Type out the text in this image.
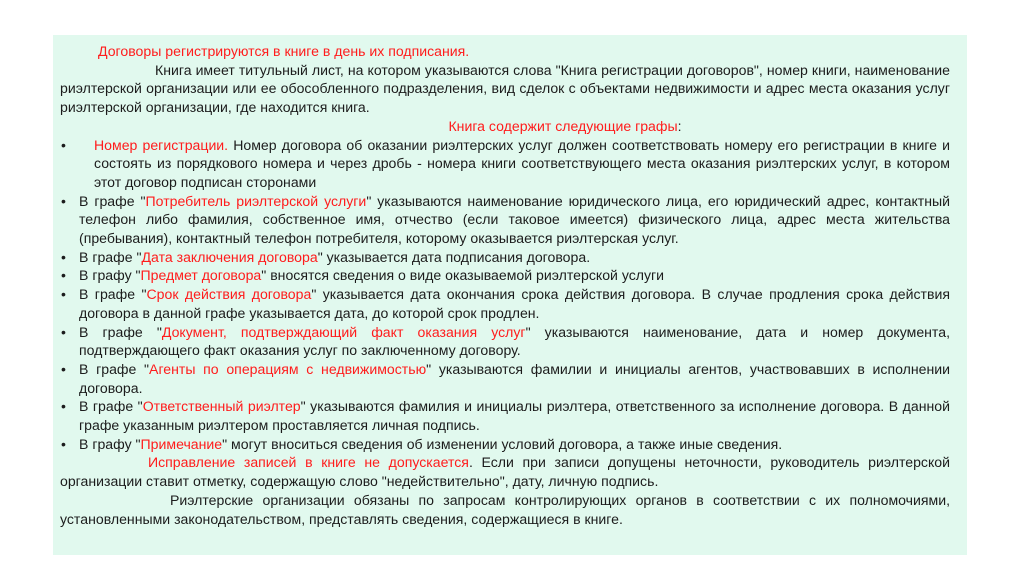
Договоры регистрируются в книге в день их подписания.

Книга имеет титульный лист, на котором указываются слова "Книга регистрации договоров", номер книги, наименование риэлтерской организации или ее обособленного подразделения, вид сделок с объектами недвижимости и адрес места оказания услуг риэлтерской организации, где находится книга.

Книга содержит следующие графы:

• Номер регистрации. Номер договора об оказании риэлтерских услуг должен соответствовать номеру его регистрации в книге и состоять из порядкового номера и через дробь - номера книги соответствующего места оказания риэлтерских услуг, в котором этот договор подписан сторонами
• В графе "Потребитель риэлтерской услуги" указываются наименование юридического лица, его юридический адрес, контактный телефон либо фамилия, собственное имя, отчество (если таковое имеется) физического лица, адрес места жительства (пребывания), контактный телефон потребителя, которому оказывается риэлтерская услуг.
• В графе "Дата заключения договора" указывается дата подписания договора.
• В графу "Предмет договора" вносятся сведения о виде оказываемой риэлтерской услуги
• В графе "Срок действия договора" указывается дата окончания срока действия договора. В случае продления срока действия договора в данной графе указывается дата, до которой срок продлен.
• В графе "Документ, подтверждающий факт оказания услуг" указываются наименование, дата и номер документа, подтверждающего факт оказания услуг по заключенному договору.
• В графе "Агенты по операциям с недвижимостью" указываются фамилии и инициалы агентов, участвовавших в исполнении договора.
• В графе "Ответственный риэлтер" указываются фамилия и инициалы риэлтера, ответственного за исполнение договора. В данной графе указанным риэлтером проставляется личная подпись.
• В графу "Примечание" могут вноситься сведения об изменении условий договора, а также иные сведения.

Исправление записей в книге не допускается. Если при записи допущены неточности, руководитель риэлтерской организации ставит отметку, содержащую слово "недействительно", дату, личную подпись.

Риэлтерские организации обязаны по запросам контролирующих органов в соответствии с их полномочиями, установленными законодательством, представлять сведения, содержащиеся в книге.
